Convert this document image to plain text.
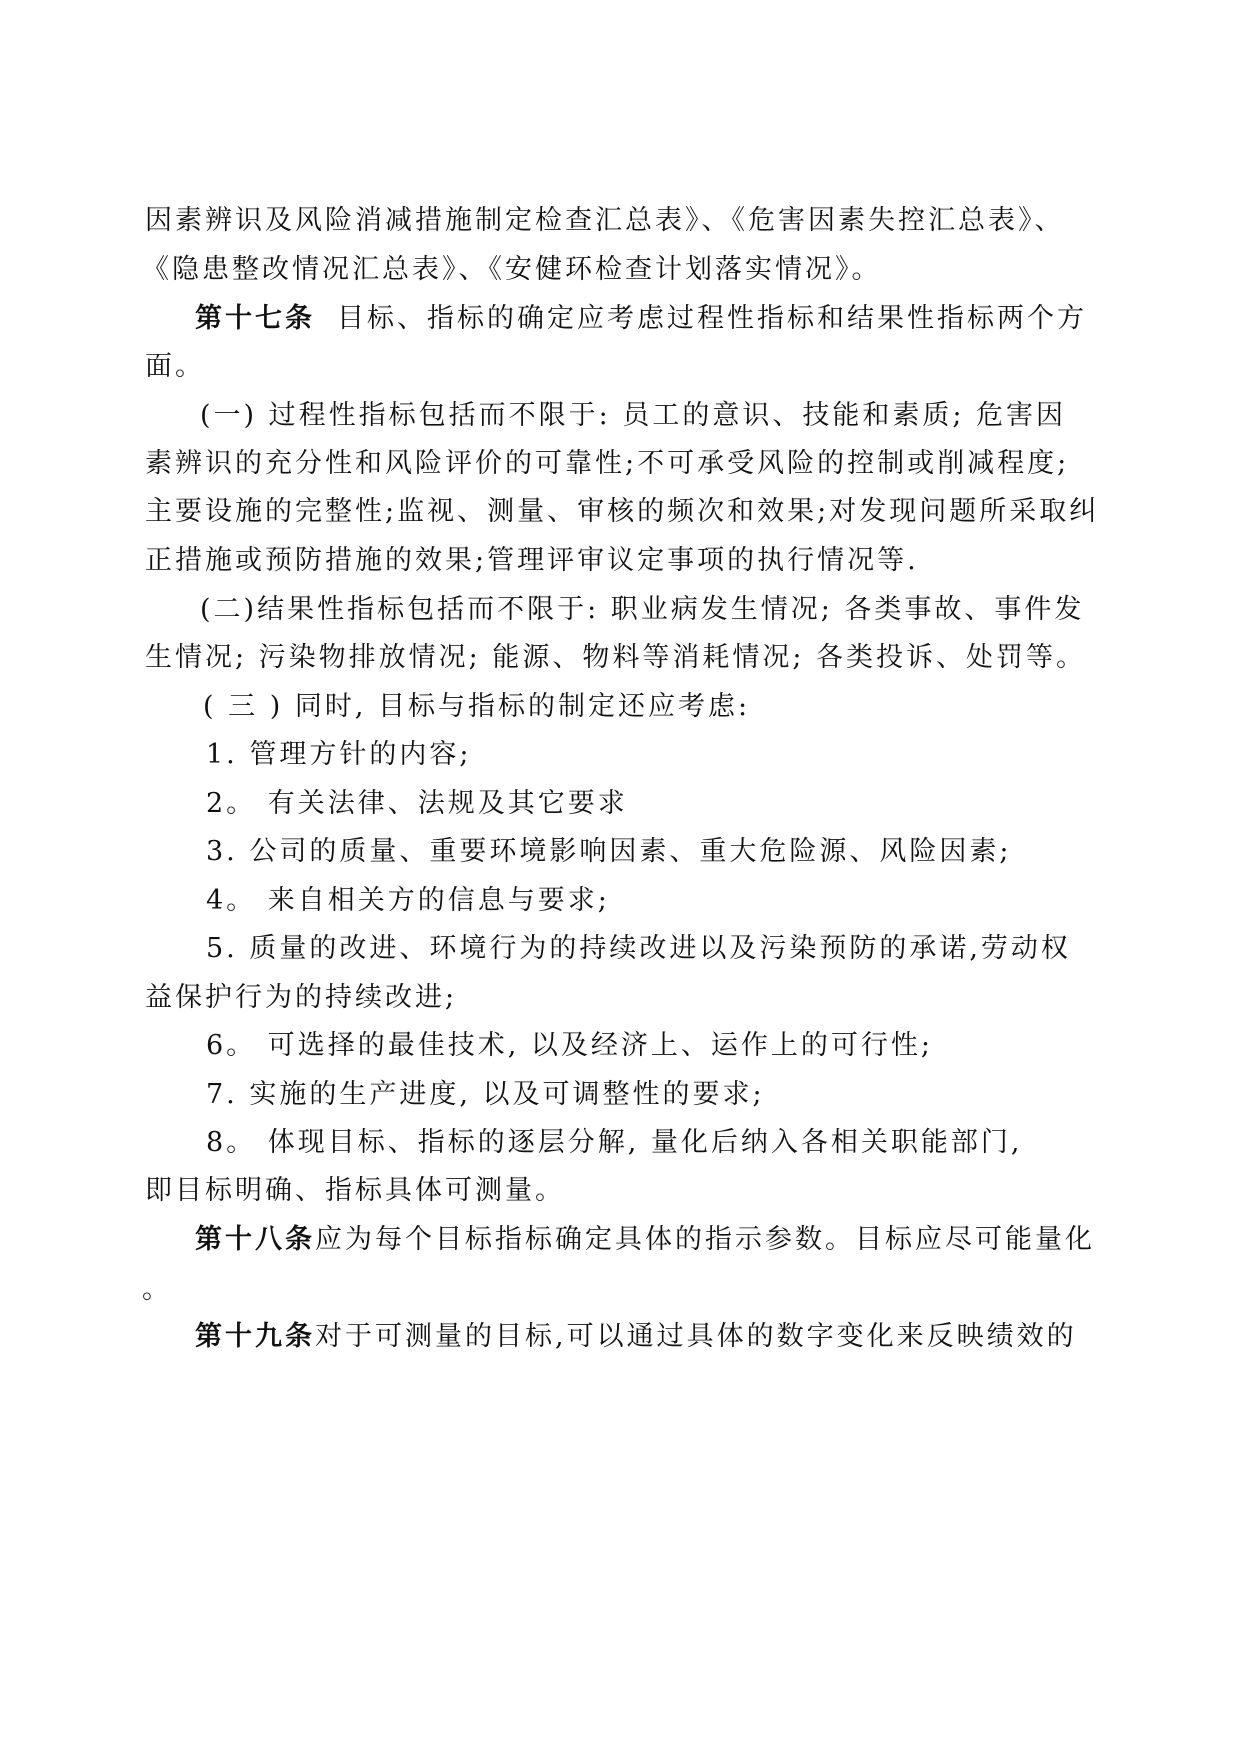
因素辨识及风险消减措施制定检查汇总表》、《危害因素失控汇总表》、
《隐患整改情况汇总表》、《安健环检查计划落实情况》。
第十七条 目标、指标的确定应考虑过程性指标和结果性指标两个方
面。
(一) 过程性指标包括而不限于: 员工的意识、技能和素质; 危害因
素辨识的充分性和风险评价的可靠性;不可承受风险的控制或削减程度;
主要设施的完整性;监视、测量、审核的频次和效果;对发现问题所采取纠
正措施或预防措施的效果;管理评审议定事项的执行情况等.
(二)结果性指标包括而不限于: 职业病发生情况; 各类事故、事件发
生情况; 污染物排放情况; 能源、物料等消耗情况; 各类投诉、处罚等。
( 三 ) 同时, 目标与指标的制定还应考虑:
1. 管理方针的内容;
2。 有关法律、法规及其它要求
3. 公司的质量、重要环境影响因素、重大危险源、风险因素;
4。 来自相关方的信息与要求;
5. 质量的改进、环境行为的持续改进以及污染预防的承诺,劳动权
益保护行为的持续改进;
6。 可选择的最佳技术, 以及经济上、运作上的可行性;
7. 实施的生产进度, 以及可调整性的要求;
8。 体现目标、指标的逐层分解, 量化后纳入各相关职能部门,
即目标明确、指标具体可测量。
第十八条应为每个目标指标确定具体的指示参数。目标应尽可能量化
。
第十九条对于可测量的目标,可以通过具体的数字变化来反映绩效的
